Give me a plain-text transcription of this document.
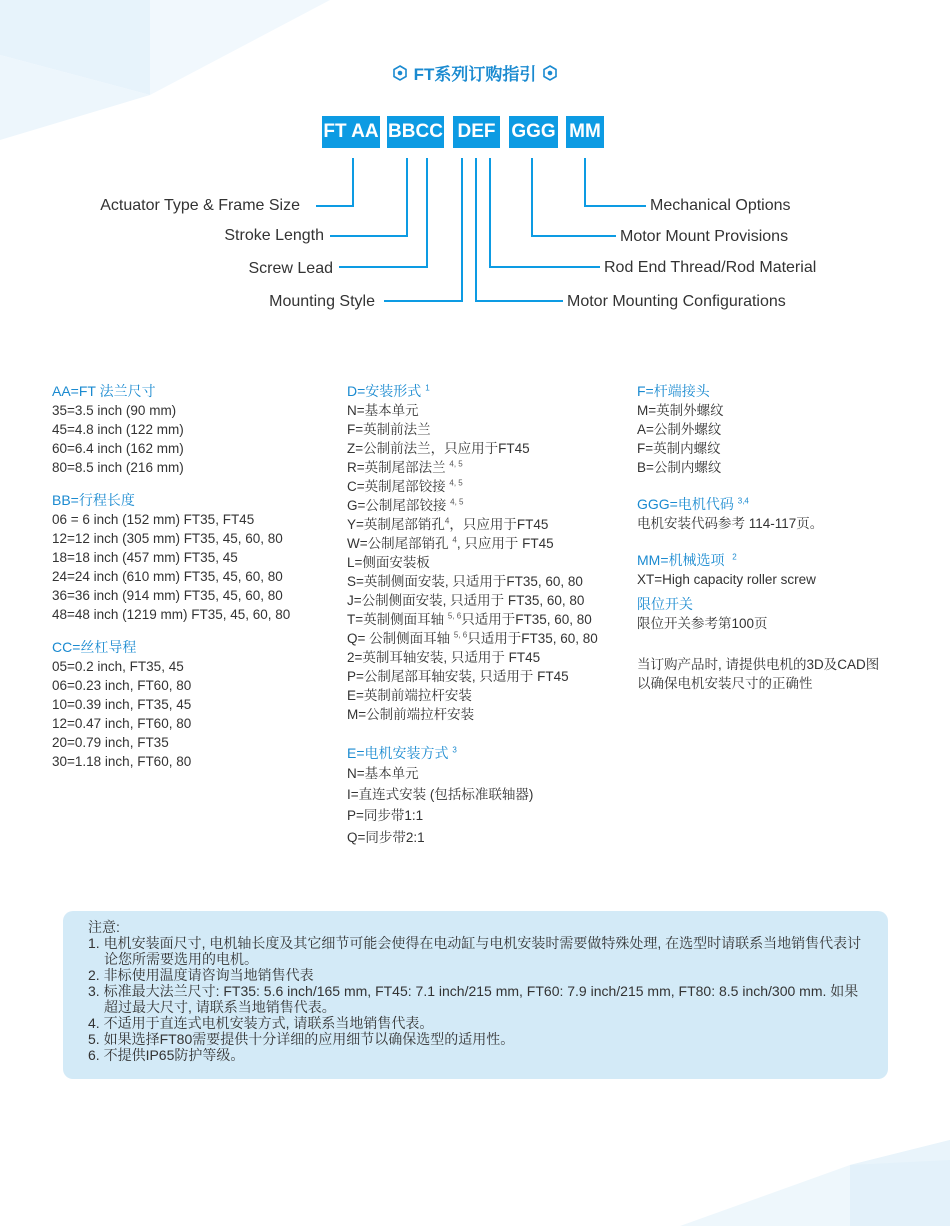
FT系列订购指引
FT AA BBCC DEF GGG MM
Actuator Type & Frame Size
Stroke Length
Screw Lead
Mounting Style
Mechanical Options
Motor Mount Provisions
Rod End Thread/Rod Material
Motor Mounting Configurations
AA=FT 法兰尺寸
35=3.5 inch (90 mm)
45=4.8 inch (122 mm)
60=6.4 inch (162 mm)
80=8.5 inch (216 mm)
BB=行程长度
06 = 6 inch (152 mm) FT35, FT45
12=12 inch (305 mm) FT35, 45, 60, 80
18=18 inch (457 mm) FT35, 45
24=24 inch (610 mm) FT35, 45, 60, 80
36=36 inch (914 mm) FT35, 45, 60, 80
48=48 inch (1219 mm) FT35, 45, 60, 80
CC=丝杠导程
05=0.2 inch, FT35, 45
06=0.23 inch, FT60, 80
10=0.39 inch, FT35, 45
12=0.47 inch, FT60, 80
20=0.79 inch, FT35
30=1.18 inch, FT60, 80
D=安装形式 $^1$
N=基本单元
F=英制前法兰
Z=公制前法兰，只应用于FT45
R=英制尾部法兰 $^{4, 5}$
C=英制尾部铰接 $^{4, 5}$
G=公制尾部铰接 $^{4, 5}$
Y=英制尾部销孔$^4$，只应用于FT45
W=公制尾部销孔 $^4$, 只应用于 FT45
L=侧面安装板
S=英制侧面安装, 只适用于FT35, 60, 80
J=公制侧面安装, 只适用于 FT35, 60, 80
T=英制侧面耳轴 $^{5, 6}$只适用于FT35, 60, 80
Q= 公制侧面耳轴 $^{5, 6}$只适用于FT35, 60, 80
2=英制耳轴安装, 只适用于 FT45
P=公制尾部耳轴安装, 只适用于 FT45
E=英制前端拉杆安装
M=公制前端拉杆安装
E=电机安装方式 $^3$
N=基本单元
I=直连式安装 (包括标准联轴器)
P=同步带1:1
Q=同步带2:1
F=杆端接头
M=英制外螺纹
A=公制外螺纹
F=英制内螺纹
B=公制内螺纹
GGG=电机代码 $^{3,4}$
电机安装代码参考 114-117页。
MM=机械选项 $^2$
XT=High capacity roller screw
限位开关
限位开关参考第100页
当订购产品时, 请提供电机的3D及CAD图
以确保电机安装尺寸的正确性
注意:
1. 电机安装面尺寸, 电机轴长度及其它细节可能会使得在电动缸与电机安装时需要做特殊处理, 在选型时请联系当地销售代表讨论您所需要选用的电机。
2. 非标使用温度请咨询当地销售代表
3. 标准最大法兰尺寸: FT35: 5.6 inch/165 mm, FT45: 7.1 inch/215 mm, FT60: 7.9 inch/215 mm, FT80: 8.5 inch/300 mm. 如果超过最大尺寸, 请联系当地销售代表。
4. 不适用于直连式电机安装方式, 请联系当地销售代表。
5. 如果选择FT80需要提供十分详细的应用细节以确保选型的适用性。
6. 不提供IP65防护等级。
